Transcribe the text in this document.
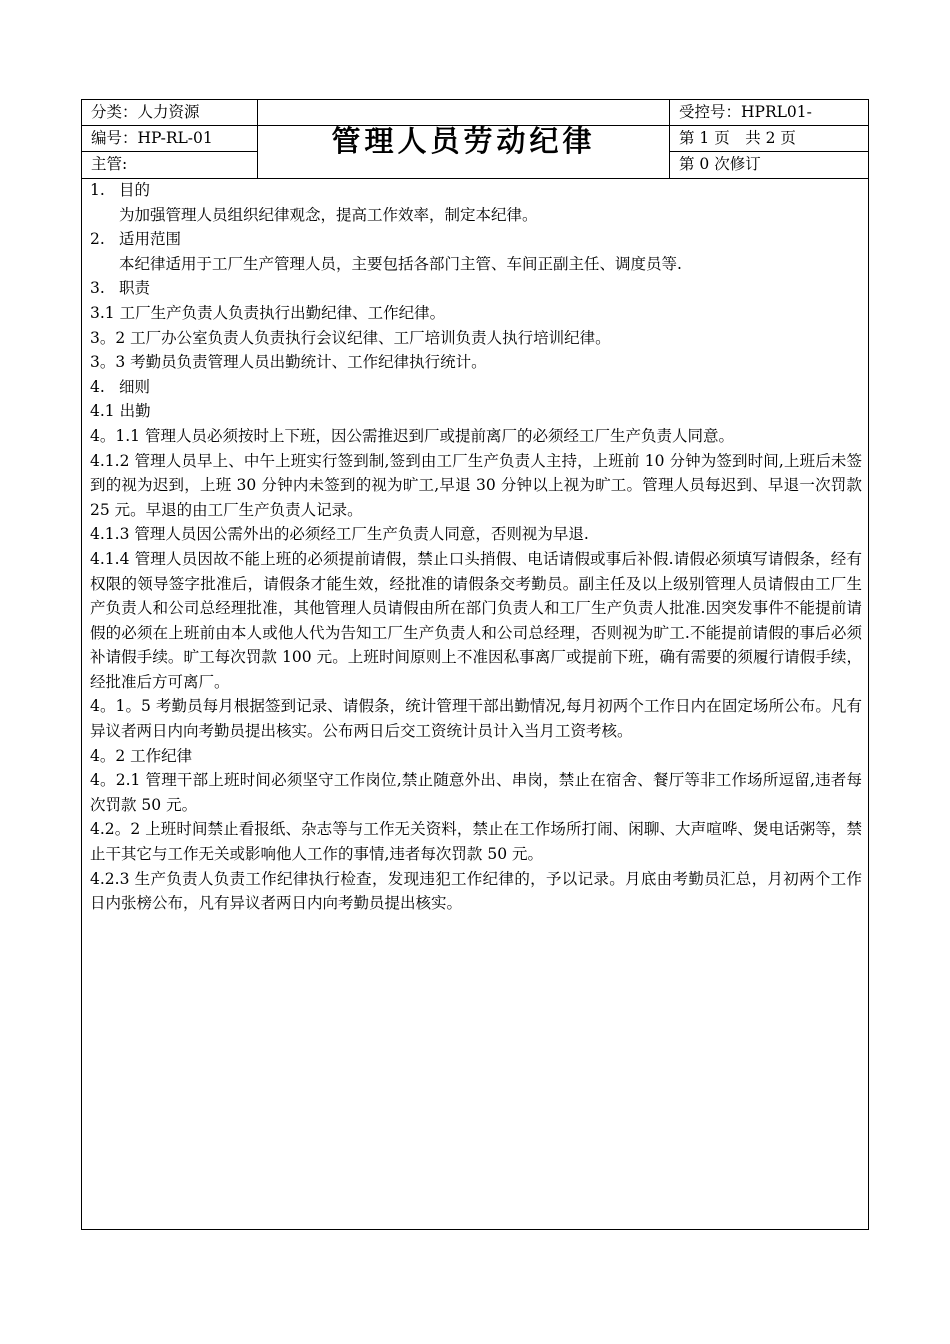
分类：人力资源
编号：HP-RL-01
主管:
管理人员劳动纪律
受控号：HPRL01-
第 1 页　共 2 页
第 0 次修订

1. 目的

为加强管理人员组织纪律观念，提高工作效率，制定本纪律。

2. 适用范围

本纪律适用于工厂生产管理人员，主要包括各部门主管、车间正副主任、调度员等.

3. 职责

3.1 工厂生产负责人负责执行出勤纪律、工作纪律。

3。2 工厂办公室负责人负责执行会议纪律、工厂培训负责人执行培训纪律。

3。3 考勤员负责管理人员出勤统计、工作纪律执行统计。

4. 细则

4.1 出勤

4。1.1 管理人员必须按时上下班，因公需推迟到厂或提前离厂的必须经工厂生产负责人同意。

4.1.2 管理人员早上、中午上班实行签到制,签到由工厂生产负责人主持，上班前 10 分钟为签到时间,上班后未签到的视为迟到，上班 30 分钟内未签到的视为旷工,早退 30 分钟以上视为旷工。管理人员每迟到、早退一次罚款 25 元。早退的由工厂生产负责人记录。

4.1.3 管理人员因公需外出的必须经工厂生产负责人同意，否则视为早退.

4.1.4 管理人员因故不能上班的必须提前请假，禁止口头捎假、电话请假或事后补假.请假必须填写请假条，经有权限的领导签字批准后，请假条才能生效，经批准的请假条交考勤员。副主任及以上级别管理人员请假由工厂生产负责人和公司总经理批准，其他管理人员请假由所在部门负责人和工厂生产负责人批准.因突发事件不能提前请假的必须在上班前由本人或他人代为告知工厂生产负责人和公司总经理，否则视为旷工.不能提前请假的事后必须补请假手续。旷工每次罚款 100 元。上班时间原则上不准因私事离厂或提前下班，确有需要的须履行请假手续，经批准后方可离厂。

4。1。5 考勤员每月根据签到记录、请假条，统计管理干部出勤情况,每月初两个工作日内在固定场所公布。凡有异议者两日内向考勤员提出核实。公布两日后交工资统计员计入当月工资考核。

4。2 工作纪律

4。2.1 管理干部上班时间必须坚守工作岗位,禁止随意外出、串岗，禁止在宿舍、餐厅等非工作场所逗留,违者每次罚款 50 元。

4.2。2 上班时间禁止看报纸、杂志等与工作无关资料，禁止在工作场所打闹、闲聊、大声喧哗、煲电话粥等，禁止干其它与工作无关或影响他人工作的事情,违者每次罚款 50 元。

4.2.3 生产负责人负责工作纪律执行检查，发现违犯工作纪律的，予以记录。月底由考勤员汇总，月初两个工作日内张榜公布，凡有异议者两日内向考勤员提出核实。
